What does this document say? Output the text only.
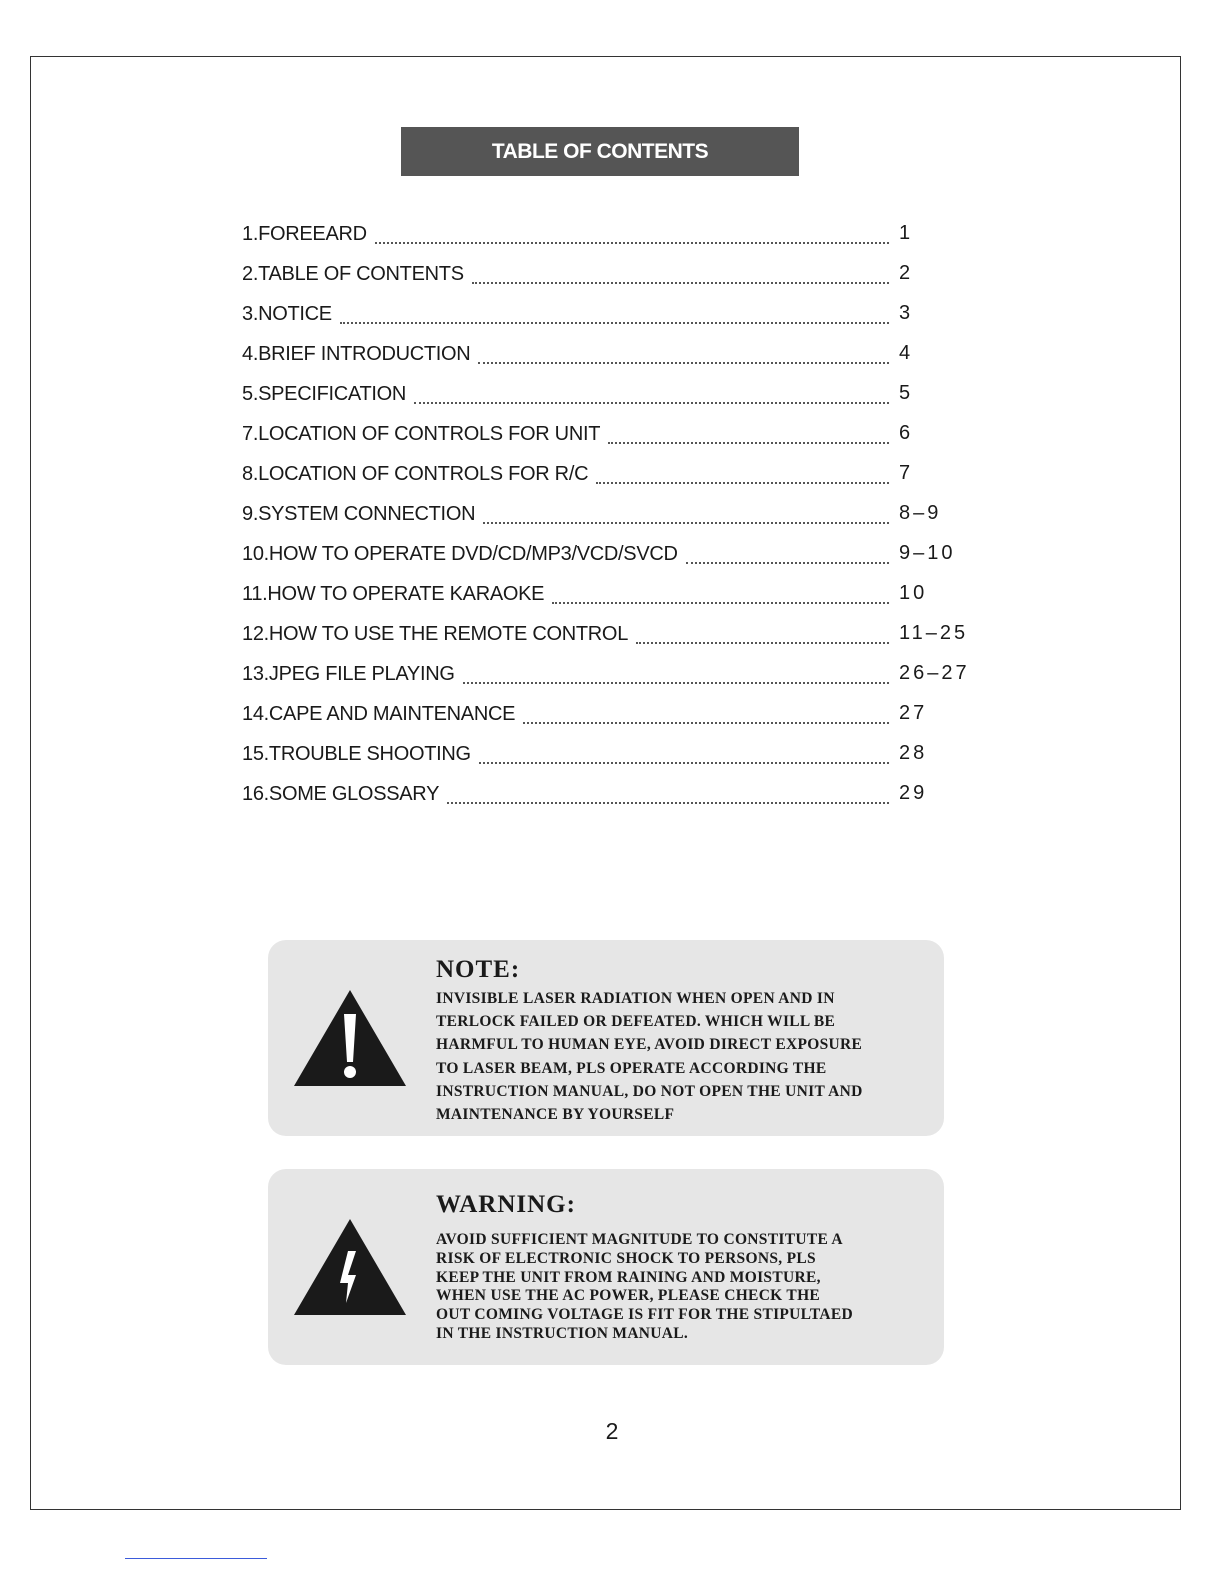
TABLE OF CONTENTS
1.FOREEARD	1
2.TABLE OF CONTENTS	2
3.NOTICE	3
4.BRIEF INTRODUCTION	4
5.SPECIFICATION	5
7.LOCATION OF CONTROLS FOR UNIT	6
8.LOCATION OF CONTROLS FOR R/C	7
9.SYSTEM CONNECTION	8–9
10.HOW TO OPERATE DVD/CD/MP3/VCD/SVCD	9–10
11.HOW TO OPERATE KARAOKE	10
12.HOW TO USE THE REMOTE CONTROL	11–25
13.JPEG FILE PLAYING	26–27
14.CAPE AND MAINTENANCE	27
15.TROUBLE SHOOTING	28
16.SOME GLOSSARY	29
NOTE:
INVISIBLE LASER RADIATION WHEN OPEN AND IN
TERLOCK FAILED OR DEFEATED. WHICH WILL BE
HARMFUL TO HUMAN EYE, AVOID DIRECT EXPOSURE
TO LASER BEAM, PLS OPERATE ACCORDING THE
INSTRUCTION MANUAL, DO NOT OPEN THE UNIT AND
MAINTENANCE BY YOURSELF
WARNING:
AVOID SUFFICIENT MAGNITUDE TO CONSTITUTE A
RISK OF ELECTRONIC SHOCK TO PERSONS, PLS
KEEP THE UNIT FROM RAINING AND MOISTURE,
WHEN USE THE AC POWER, PLEASE CHECK THE
OUT COMING VOLTAGE IS FIT FOR THE STIPULTAED
IN THE INSTRUCTION MANUAL.
2
